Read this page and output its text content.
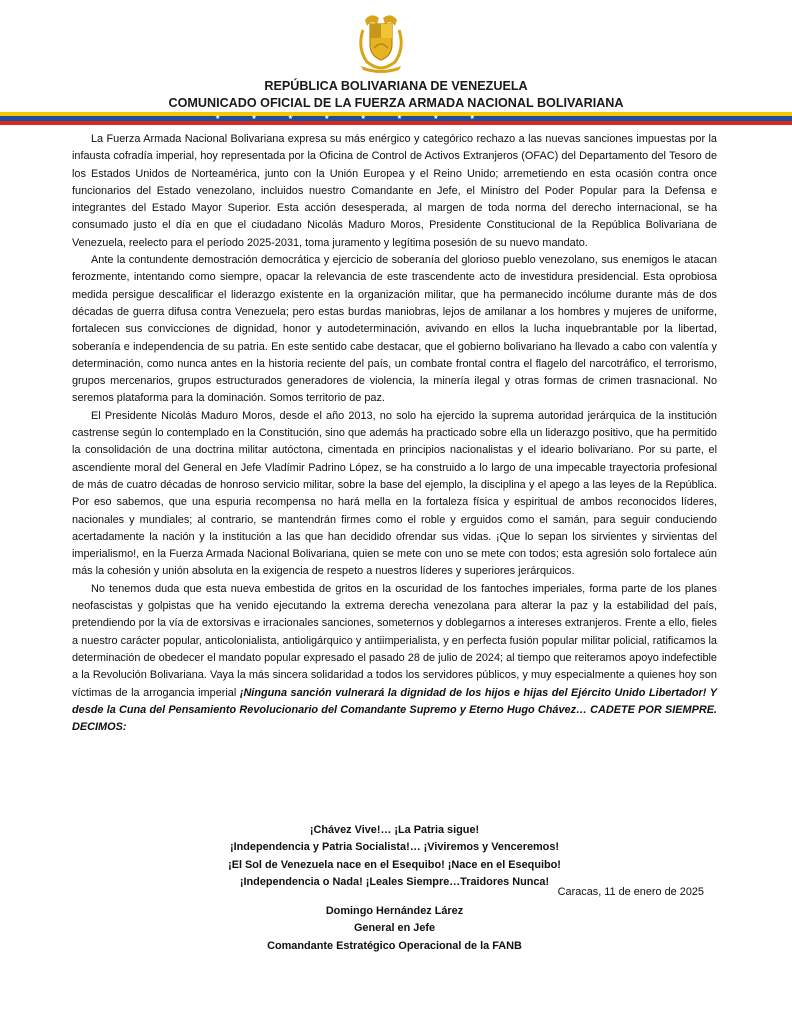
REPÚBLICA BOLIVARIANA DE VENEZUELA
COMUNICADO OFICIAL DE LA FUERZA ARMADA NACIONAL BOLIVARIANA
★	★	★	★	★	★	★	★

La Fuerza Armada Nacional Bolivariana expresa su más enérgico y categórico rechazo a las nuevas sanciones impuestas por la infausta cofradía imperial, hoy representada por la Oficina de Control de Activos Extranjeros (OFAC) del Departamento del Tesoro de los Estados Unidos de Norteamérica, junto con la Unión Europea y el Reino Unido; arremetiendo en esta ocasión contra once funcionarios del Estado venezolano, incluidos nuestro Comandante en Jefe, el Ministro del Poder Popular para la Defensa e integrantes del Estado Mayor Superior. Esta acción desesperada, al margen de toda norma del derecho internacional, se ha consumado justo el día en que el ciudadano Nicolás Maduro Moros, Presidente Constitucional de la República Bolivariana de Venezuela, reelecto para el período 2025-2031, toma juramento y legítima posesión de su nuevo mandato.

Ante la contundente demostración democrática y ejercicio de soberanía del glorioso pueblo venezolano, sus enemigos le atacan ferozmente, intentando como siempre, opacar la relevancia de este trascendente acto de investidura presidencial. Esta oprobiosa medida persigue descalificar el liderazgo existente en la organización militar, que ha permanecido incólume durante más de dos décadas de guerra difusa contra Venezuela; pero estas burdas maniobras, lejos de amilanar a los hombres y mujeres de uniforme, fortalecen sus convicciones de dignidad, honor y autodeterminación, avivando en ellos la lucha inquebrantable por la libertad, soberanía e independencia de su patria. En este sentido cabe destacar, que el gobierno bolivariano ha llevado a cabo con valentía y determinación, como nunca antes en la historia reciente del país, un combate frontal contra el flagelo del narcotráfico, el terrorismo, grupos mercenarios, grupos estructurados generadores de violencia, la minería ilegal y otras formas de crimen trasnacional. No seremos plataforma para la dominación. Somos territorio de paz.

El Presidente Nicolás Maduro Moros, desde el año 2013, no solo ha ejercido la suprema autoridad jerárquica de la institución castrense según lo contemplado en la Constitución, sino que además ha practicado sobre ella un liderazgo positivo, que ha permitido la consolidación de una doctrina militar autóctona, cimentada en principios nacionalistas y el ideario bolivariano. Por su parte, el ascendiente moral del General en Jefe Vladímir Padrino López, se ha construido a lo largo de una impecable trayectoria profesional de más de cuatro décadas de honroso servicio militar, sobre la base del ejemplo, la disciplina y el apego a las leyes de la República. Por eso sabemos, que una espuria recompensa no hará mella en la fortaleza física y espiritual de ambos reconocidos líderes, nacionales y mundiales; al contrario, se mantendrán firmes como el roble y erguidos como el samán, para seguir conduciendo acertadamente la nación y la institución a las que han decidido ofrendar sus vidas. ¡Que lo sepan los sirvientes y sirvientas del imperialismo!, en la Fuerza Armada Nacional Bolivariana, quien se mete con uno se mete con todos; esta agresión solo fortalece aún más la cohesión y unión absoluta en la exigencia de respeto a nuestros líderes y superiores jerárquicos.

No tenemos duda que esta nueva embestida de gritos en la oscuridad de los fantoches imperiales, forma parte de los planes neofascistas y golpistas que ha venido ejecutando la extrema derecha venezolana para alterar la paz y la estabilidad del país, pretendiendo por la vía de extorsivas e irracionales sanciones, someternos y doblegarnos a intereses extranjeros. Frente a ello, fieles a nuestro carácter popular, anticolonialista, antioligárquico y antiimperialista, y en perfecta fusión popular militar policial, ratificamos la determinación de obedecer el mandato popular expresado el pasado 28 de julio de 2024; al tiempo que reiteramos apoyo indefectible a la Revolución Bolivariana. Vaya la más sincera solidaridad a todos los servidores públicos, y muy especialmente a quienes hoy son víctimas de la arrogancia imperial ¡Ninguna sanción vulnerará la dignidad de los hijos e hijas del Ejército Unido Libertador! Y desde la Cuna del Pensamiento Revolucionario del Comandante Supremo y Eterno Hugo Chávez… CADETE POR SIEMPRE. DECIMOS:

¡Chávez Vive!… ¡La Patria sigue!
¡Independencia y Patria Socialista!… ¡Viviremos y Venceremos!
¡El Sol de Venezuela nace en el Esequibo! ¡Nace en el Esequibo!
¡Independencia o Nada! ¡Leales Siempre…Traidores Nunca!
Caracas, 11 de enero de 2025
Domingo Hernández Lárez
General en Jefe
Comandante Estratégico Operacional de la FANB
